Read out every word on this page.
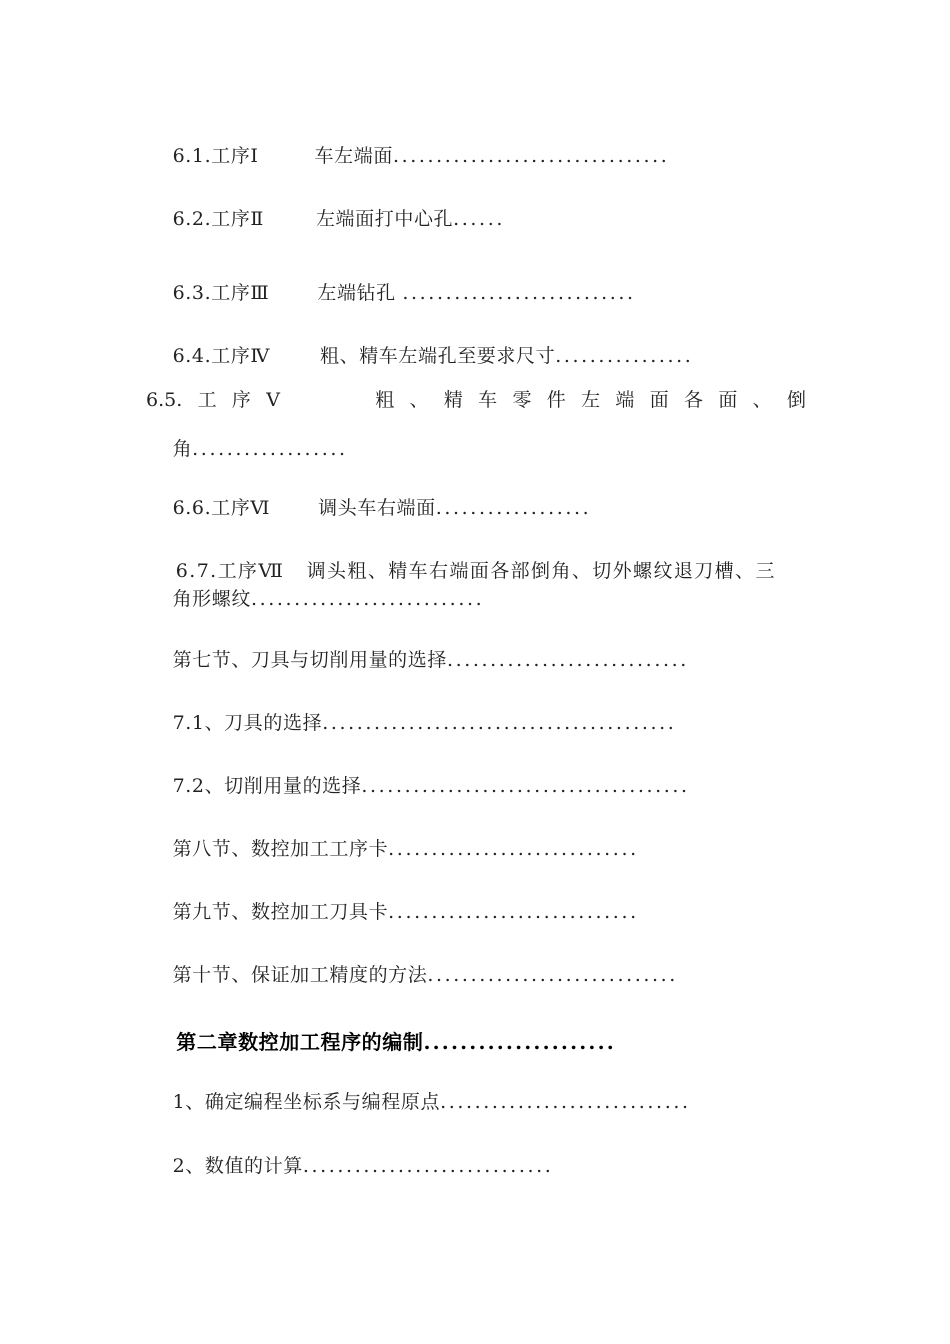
6.1.工序Ⅰ	车左端面................................

6.2.工序Ⅱ	左端面打中心孔......

6.3.工序Ⅲ	左端钻孔 ...........................

6.4.工序Ⅳ	粗、精车左端孔至要求尺寸................

6.5. 工 序 Ⅴ	粗 、 精 车 零 件 左 端 面 各 面 、 倒

角..................

6.6.工序Ⅵ	调头车右端面..................

6.7.工序Ⅶ   调头粗、精车右端面各部倒角、切外螺纹退刀槽、三

角形螺纹...........................

第七节、刀具与切削用量的选择............................

7.1、刀具的选择.........................................

7.2、切削用量的选择......................................

第八节、数控加工工序卡.............................

第九节、数控加工刀具卡.............................

第十节、保证加工精度的方法.............................

第二章数控加工程序的编制.....................

1、确定编程坐标系与编程原点.............................

2、数值的计算.............................
